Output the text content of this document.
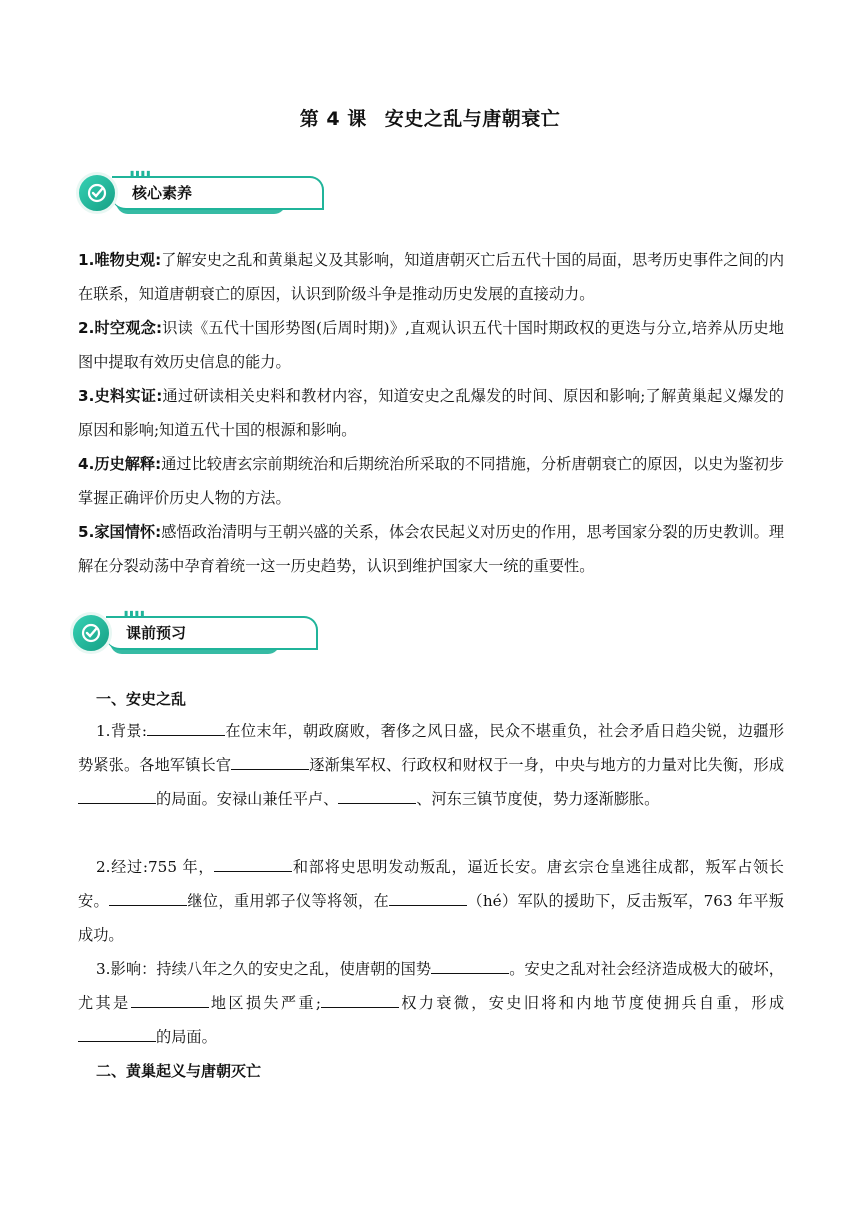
第 4 课 安史之乱与唐朝衰亡
核心素养
▮▮▮▮
1.唯物史观:了解安史之乱和黄巢起义及其影响，知道唐朝灭亡后五代十国的局面，思考历史事件之间的内在联系，知道唐朝衰亡的原因，认识到阶级斗争是推动历史发展的直接动力。
2.时空观念:识读《五代十国形势图(后周时期)》,直观认识五代十国时期政权的更迭与分立,培养从历史地图中提取有效历史信息的能力。
3.史料实证:通过研读相关史料和教材内容，知道安史之乱爆发的时间、原因和影响;了解黄巢起义爆发的原因和影响;知道五代十国的根源和影响。
4.历史解释:通过比较唐玄宗前期统治和后期统治所采取的不同措施，分析唐朝衰亡的原因，以史为鉴初步掌握正确评价历史人物的方法。
5.家国情怀:感悟政治清明与王朝兴盛的关系，体会农民起义对历史的作用，思考国家分裂的历史教训。理解在分裂动荡中孕育着统一这一历史趋势，认识到维护国家大一统的重要性。
课前预习
▮▮▮▮
一、安史之乱
1.背景:	在位末年，朝政腐败，奢侈之风日盛，民众不堪重负，社会矛盾日趋尖锐，边疆形势紧张。各地军镇长官	逐渐集军权、行政权和财权于一身，中央与地方的力量对比失衡，形成的局面。安禄山兼任平卢、	、河东三镇节度使，势力逐渐膨胀。
2.经过:755 年，	和部将史思明发动叛乱，逼近长安。唐玄宗仓皇逃往成都，叛军占领长安。	继位，重用郭子仪等将领，在	（hé）军队的援助下，反击叛军，763 年平叛成功。
3.影响：持续八年之久的安史之乱，使唐朝的国势	。安史之乱对社会经济造成极大的破坏，尤其是	地区损失严重;	权力衰微，安史旧将和内地节度使拥兵自重，形成的局面。
二、黄巢起义与唐朝灭亡
